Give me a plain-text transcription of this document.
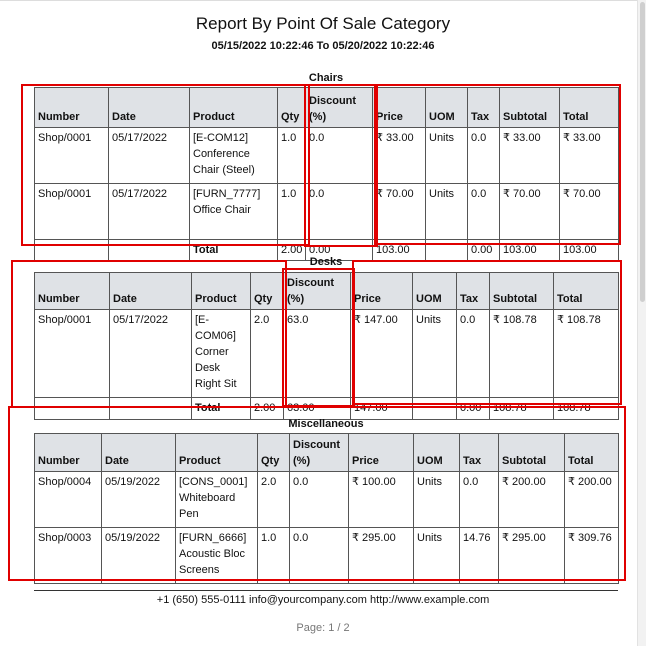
Report By Point Of Sale Category
05/15/2022 10:22:46 To 05/20/2022 10:22:46
Chairs
Number	Date	Product	Qty	Discount (%)	Price	UOM	Tax	Subtotal	Total
Shop/0001	05/17/2022	[E-COM12] Conference Chair (Steel)	1.0	0.0	₹ 33.00	Units	0.0	₹ 33.00	₹ 33.00
Shop/0001	05/17/2022	[FURN_7777] Office Chair	1.0	0.0	₹ 70.00	Units	0.0	₹ 70.00	₹ 70.00
		Total	2.00	0.00	103.00		0.00	103.00	103.00
Desks
Number	Date	Product	Qty	Discount (%)	Price	UOM	Tax	Subtotal	Total
Shop/0001	05/17/2022	[E-COM06] Corner Desk Right Sit	2.0	63.0	₹ 147.00	Units	0.0	₹ 108.78	₹ 108.78
		Total	2.00	63.00	147.00		0.00	108.78	108.78
Miscellaneous
Number	Date	Product	Qty	Discount (%)	Price	UOM	Tax	Subtotal	Total
Shop/0004	05/19/2022	[CONS_0001] Whiteboard Pen	2.0	0.0	₹ 100.00	Units	0.0	₹ 200.00	₹ 200.00
Shop/0003	05/19/2022	[FURN_6666] Acoustic Bloc Screens	1.0	0.0	₹ 295.00	Units	14.76	₹ 295.00	₹ 309.76
+1 (650) 555-0111 info@yourcompany.com http://www.example.com
Page: 1 / 2
